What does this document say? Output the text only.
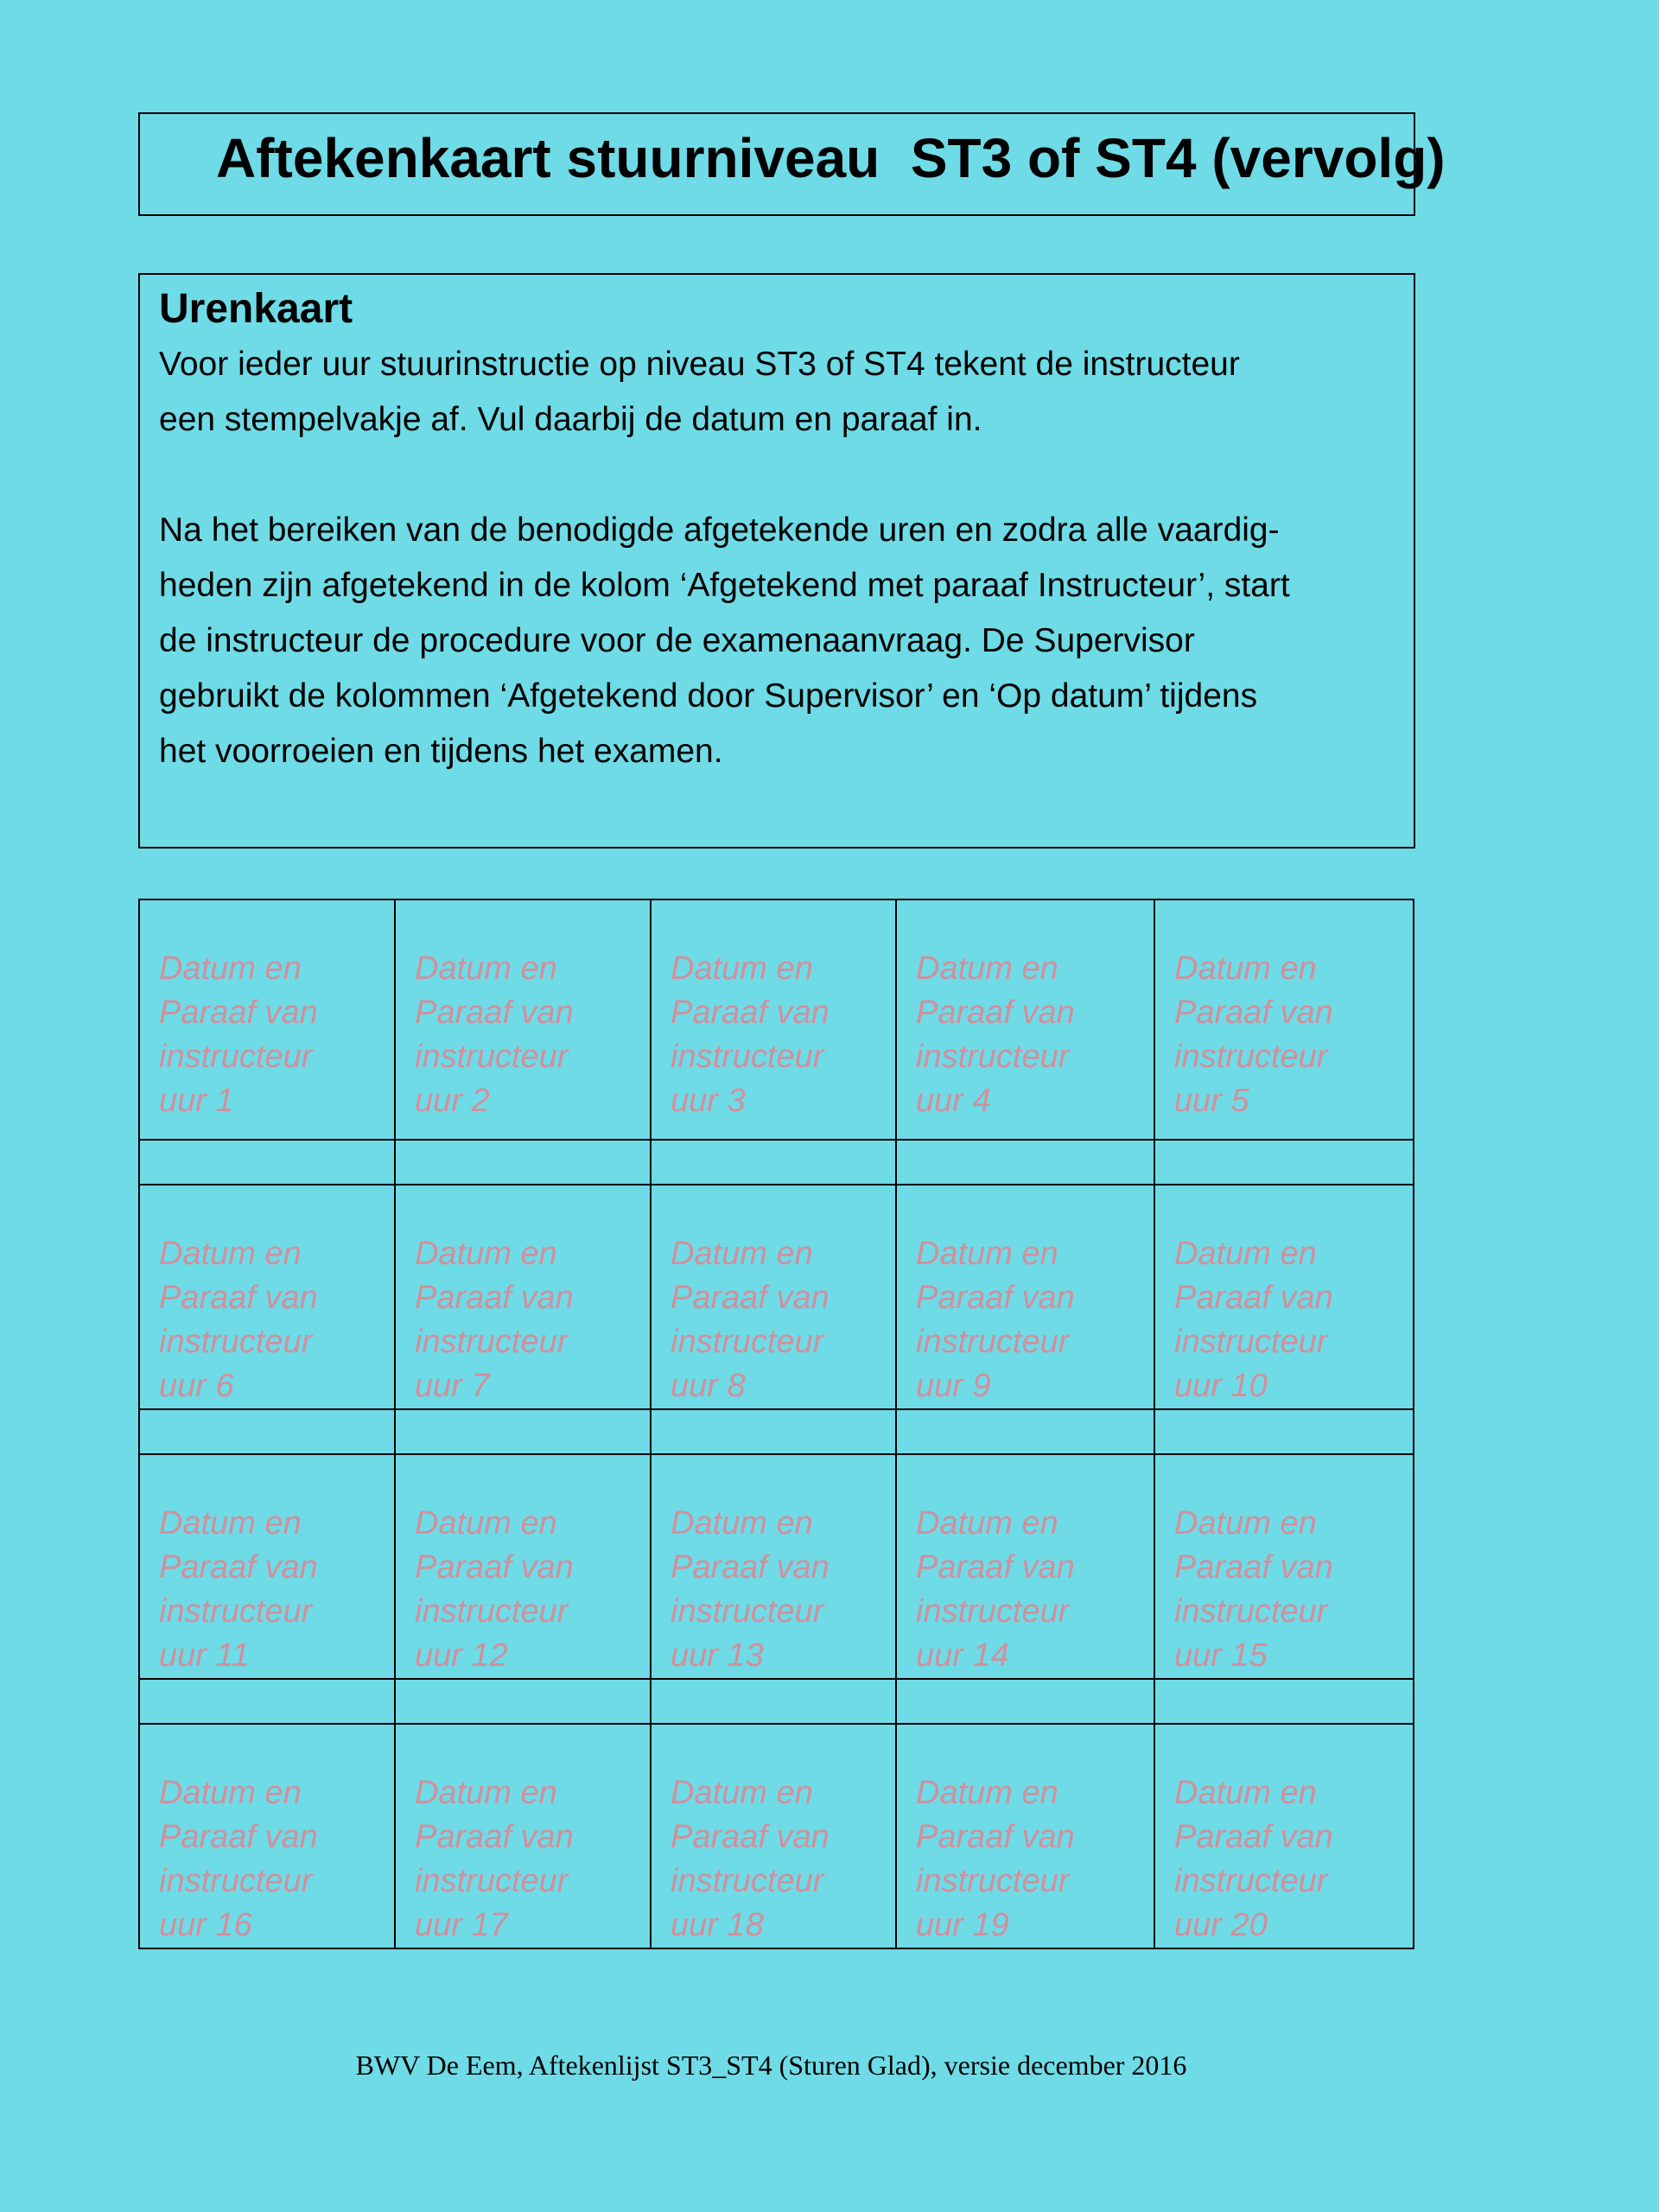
Aftekenkaart stuurniveau  ST3 of ST4 (vervolg)
Urenkaart

Voor ieder uur stuurinstructie op niveau ST3 of ST4 tekent de instructeur
een stempelvakje af. Vul daarbij de datum en paraaf in.

Na het bereiken van de benodigde afgetekende uren en zodra alle vaardig-
heden zijn afgetekend in de kolom ‘Afgetekend met paraaf Instructeur’, start
de instructeur de procedure voor de examenaanvraag. De Supervisor
gebruikt de kolommen ‘Afgetekend door Supervisor’ en ‘Op datum’ tijdens
het voorroeien en tijdens het examen.

Datum en
Paraaf van
instructeur
uur 1	Datum en
Paraaf van
instructeur
uur 2	Datum en
Paraaf van
instructeur
uur 3	Datum en
Paraaf van
instructeur
uur 4	Datum en
Paraaf van
instructeur
uur 5

Datum en
Paraaf van
instructeur
uur 6	Datum en
Paraaf van
instructeur
uur 7	Datum en
Paraaf van
instructeur
uur 8	Datum en
Paraaf van
instructeur
uur 9	Datum en
Paraaf van
instructeur
uur 10

Datum en
Paraaf van
instructeur
uur 11	Datum en
Paraaf van
instructeur
uur 12	Datum en
Paraaf van
instructeur
uur 13	Datum en
Paraaf van
instructeur
uur 14	Datum en
Paraaf van
instructeur
uur 15

Datum en
Paraaf van
instructeur
uur 16	Datum en
Paraaf van
instructeur
uur 17	Datum en
Paraaf van
instructeur
uur 18	Datum en
Paraaf van
instructeur
uur 19	Datum en
Paraaf van
instructeur
uur 20
BWV De Eem, Aftekenlijst ST3_ST4 (Sturen Glad), versie december 2016
